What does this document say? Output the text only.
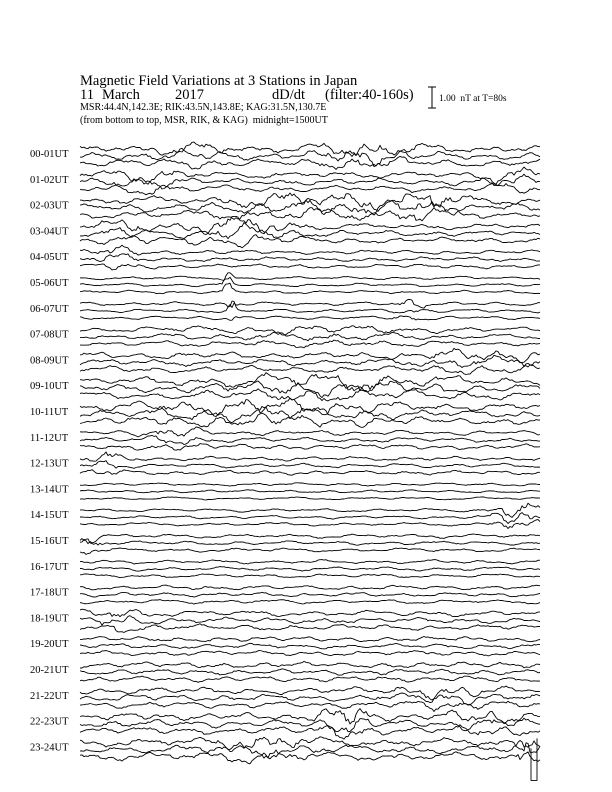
Magnetic Field Variations at 3 Stations in Japan

11

March

2017

	dD/dt

(filter:40-160s)

MSR:44.4N,142.3E; RIK:43.5N,143.8E; KAG:31.5N,130.7E
(from bottom to top, MSR, RIK, & KAG)  midnight=1500UT
1.00  nT at T=80s
00-01UT
01-02UT
02-03UT
03-04UT
04-05UT
05-06UT
06-07UT
07-08UT
08-09UT
09-10UT
10-11UT
11-12UT
12-13UT
13-14UT
14-15UT
15-16UT
16-17UT
17-18UT
18-19UT
19-20UT
20-21UT
21-22UT
22-23UT
23-24UT
